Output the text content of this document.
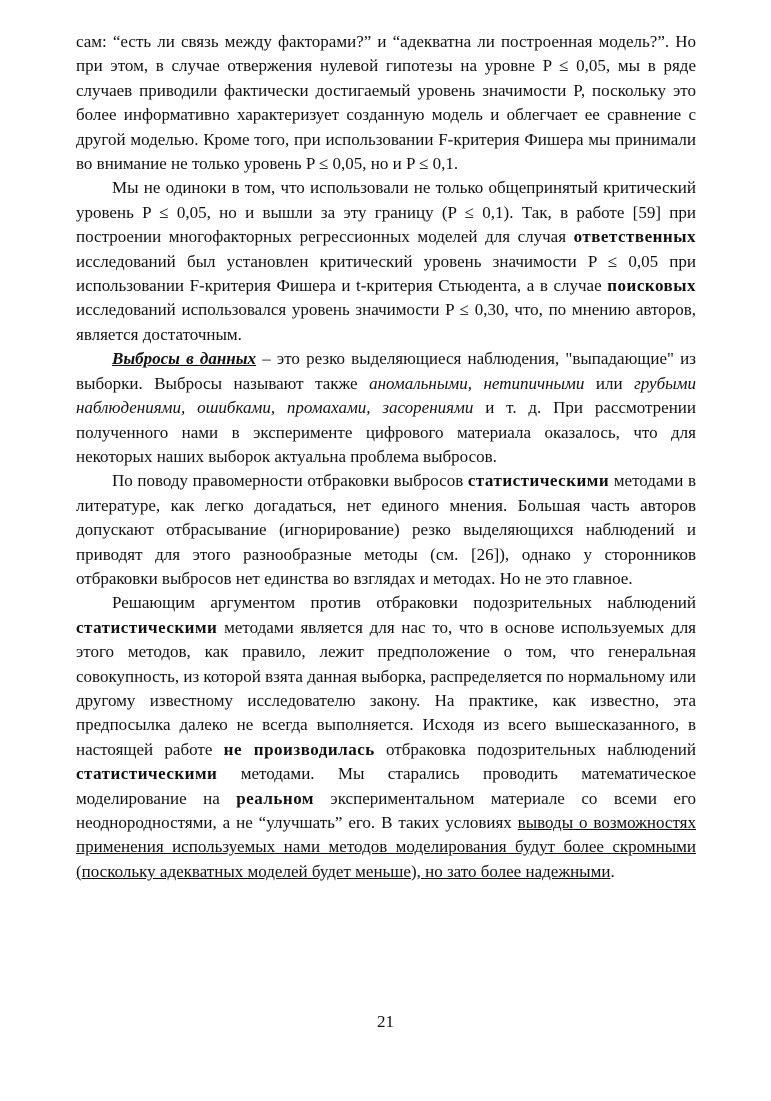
сам: “есть ли связь между факторами?” и “адекватна ли построенная модель?”. Но при этом, в случае отвержения нулевой гипотезы на уровне P ≤ 0,05, мы в ряде случаев приводили фактически достигаемый уровень значимости P, поскольку это более информативно характеризует созданную модель и облегчает ее сравнение с другой моделью. Кроме того, при использовании F-критерия Фишера мы принимали во внимание не только уровень P ≤ 0,05, но и P ≤ 0,1.

Мы не одиноки в том, что использовали не только общепринятый критический уровень P ≤ 0,05, но и вышли за эту границу (P ≤ 0,1). Так, в работе [59] при построении многофакторных регрессионных моделей для случая ответственных исследований был установлен критический уровень значимости P ≤ 0,05 при использовании F-критерия Фишера и t-критерия Стьюдента, а в случае поисковых исследований использовался уровень значимости P ≤ 0,30, что, по мнению авторов, является достаточным.

Выбросы в данных – это резко выделяющиеся наблюдения, "выпадающие" из выборки. Выбросы называют также аномальными, нетипичными или грубыми наблюдениями, ошибками, промахами, засорениями и т. д. При рассмотрении полученного нами в эксперименте цифрового материала оказалось, что для некоторых наших выборок актуальна проблема выбросов.

По поводу правомерности отбраковки выбросов статистическими методами в литературе, как легко догадаться, нет единого мнения. Большая часть авторов допускают отбрасывание (игнорирование) резко выделяющихся наблюдений и приводят для этого разнообразные методы (см. [26]), однако у сторонников отбраковки выбросов нет единства во взглядах и методах. Но не это главное.

Решающим аргументом против отбраковки подозрительных наблюдений статистическими методами является для нас то, что в основе используемых для этого методов, как правило, лежит предположение о том, что генеральная совокупность, из которой взята данная выборка, распределяется по нормальному или другому известному исследователю закону. На практике, как известно, эта предпосылка далеко не всегда выполняется. Исходя из всего вышесказанного, в настоящей работе не производилась отбраковка подозрительных наблюдений статистическими методами. Мы старались проводить математическое моделирование на реальном экспериментальном материале со всеми его неоднородностями, а не “улучшать” его. В таких условиях выводы о возможностях применения используемых нами методов моделирования будут более скромными (поскольку адекватных моделей будет меньше), но зато более надежными.

21
